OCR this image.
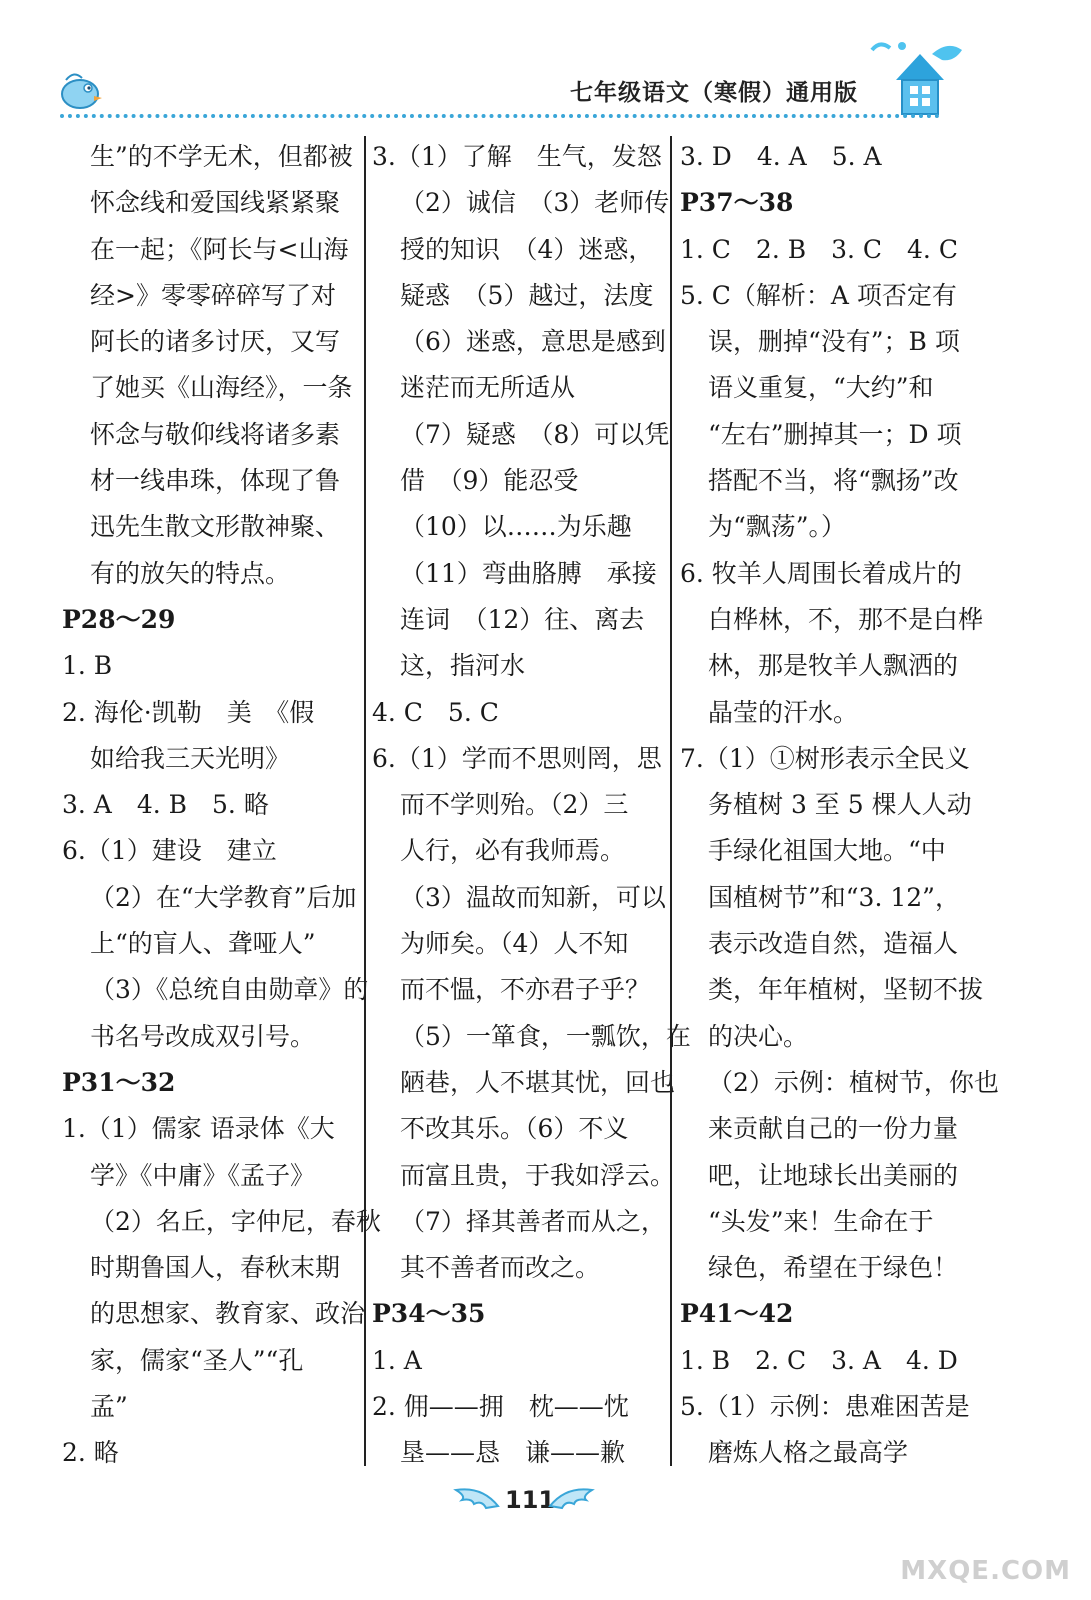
七年级语文（寒假）通用版
生”的不学无术，但都被
怀念线和爱国线紧紧聚
在一起；《阿长与<山海
经>》零零碎碎写了对
阿长的诸多讨厌，又写
了她买《山海经》，一条
怀念与敬仰线将诸多素
材一线串珠，体现了鲁
迅先生散文形散神聚、
有的放矢的特点。
P28～29
1. B
2. 海伦·凯勒　美　《假
如给我三天光明》
3. A　4. B　5. 略
6.（1）建设　建立
（2）在“大学教育”后加
上“的盲人、聋哑人”
（3）《总统自由勋章》的
书名号改成双引号。
P31～32
1.（1）儒家 语录体《大
学》《中庸》《孟子》
（2）名丘，字仲尼，春秋
时期鲁国人，春秋末期
的思想家、教育家、政治
家，儒家“圣人”“孔
孟”
2. 略
3.（1）了解　生气，发怒
（2）诚信　（3）老师传
授的知识　（4）迷惑，
疑惑　（5）越过，法度
（6）迷惑，意思是感到
迷茫而无所适从
（7）疑惑　（8）可以凭
借　（9）能忍受
（10）以……为乐趣
（11）弯曲胳膊　承接
连词　（12）往、离去
这，指河水
4. C　5. C
6.（1）学而不思则罔，思
而不学则殆。（2）三
人行，必有我师焉。
（3）温故而知新，可以
为师矣。（4）人不知
而不愠，不亦君子乎？
（5）一箪食，一瓢饮，在
陋巷，人不堪其忧，回也
不改其乐。（6）不义
而富且贵，于我如浮云。
（7）择其善者而从之，
其不善者而改之。
P34～35
1. A
2. 佣——拥　枕——忱
垦——恳　谦——歉
3. D　4. A　5. A
P37～38
1. C　2. B　3. C　4. C
5. C（解析：A 项否定有
误，删掉“没有”；B 项
语义重复，“大约”和
“左右”删掉其一；D 项
搭配不当，将“飘扬”改
为“飘荡”。）
6. 牧羊人周围长着成片的
白桦林，不，那不是白桦
林，那是牧羊人飘洒的
晶莹的汗水。
7.（1）①树形表示全民义
务植树 3 至 5 棵人人动
手绿化祖国大地。“中
国植树节”和“3. 12”，
表示改造自然，造福人
类，年年植树，坚韧不拔
的决心。
（2）示例：植树节，你也
来贡献自己的一份力量
吧，让地球长出美丽的
“头发”来！生命在于
绿色，希望在于绿色！
P41～42
1. B　2. C　3. A　4. D
5.（1）示例：患难困苦是
磨炼人格之最高学
111
MXQE.COM
